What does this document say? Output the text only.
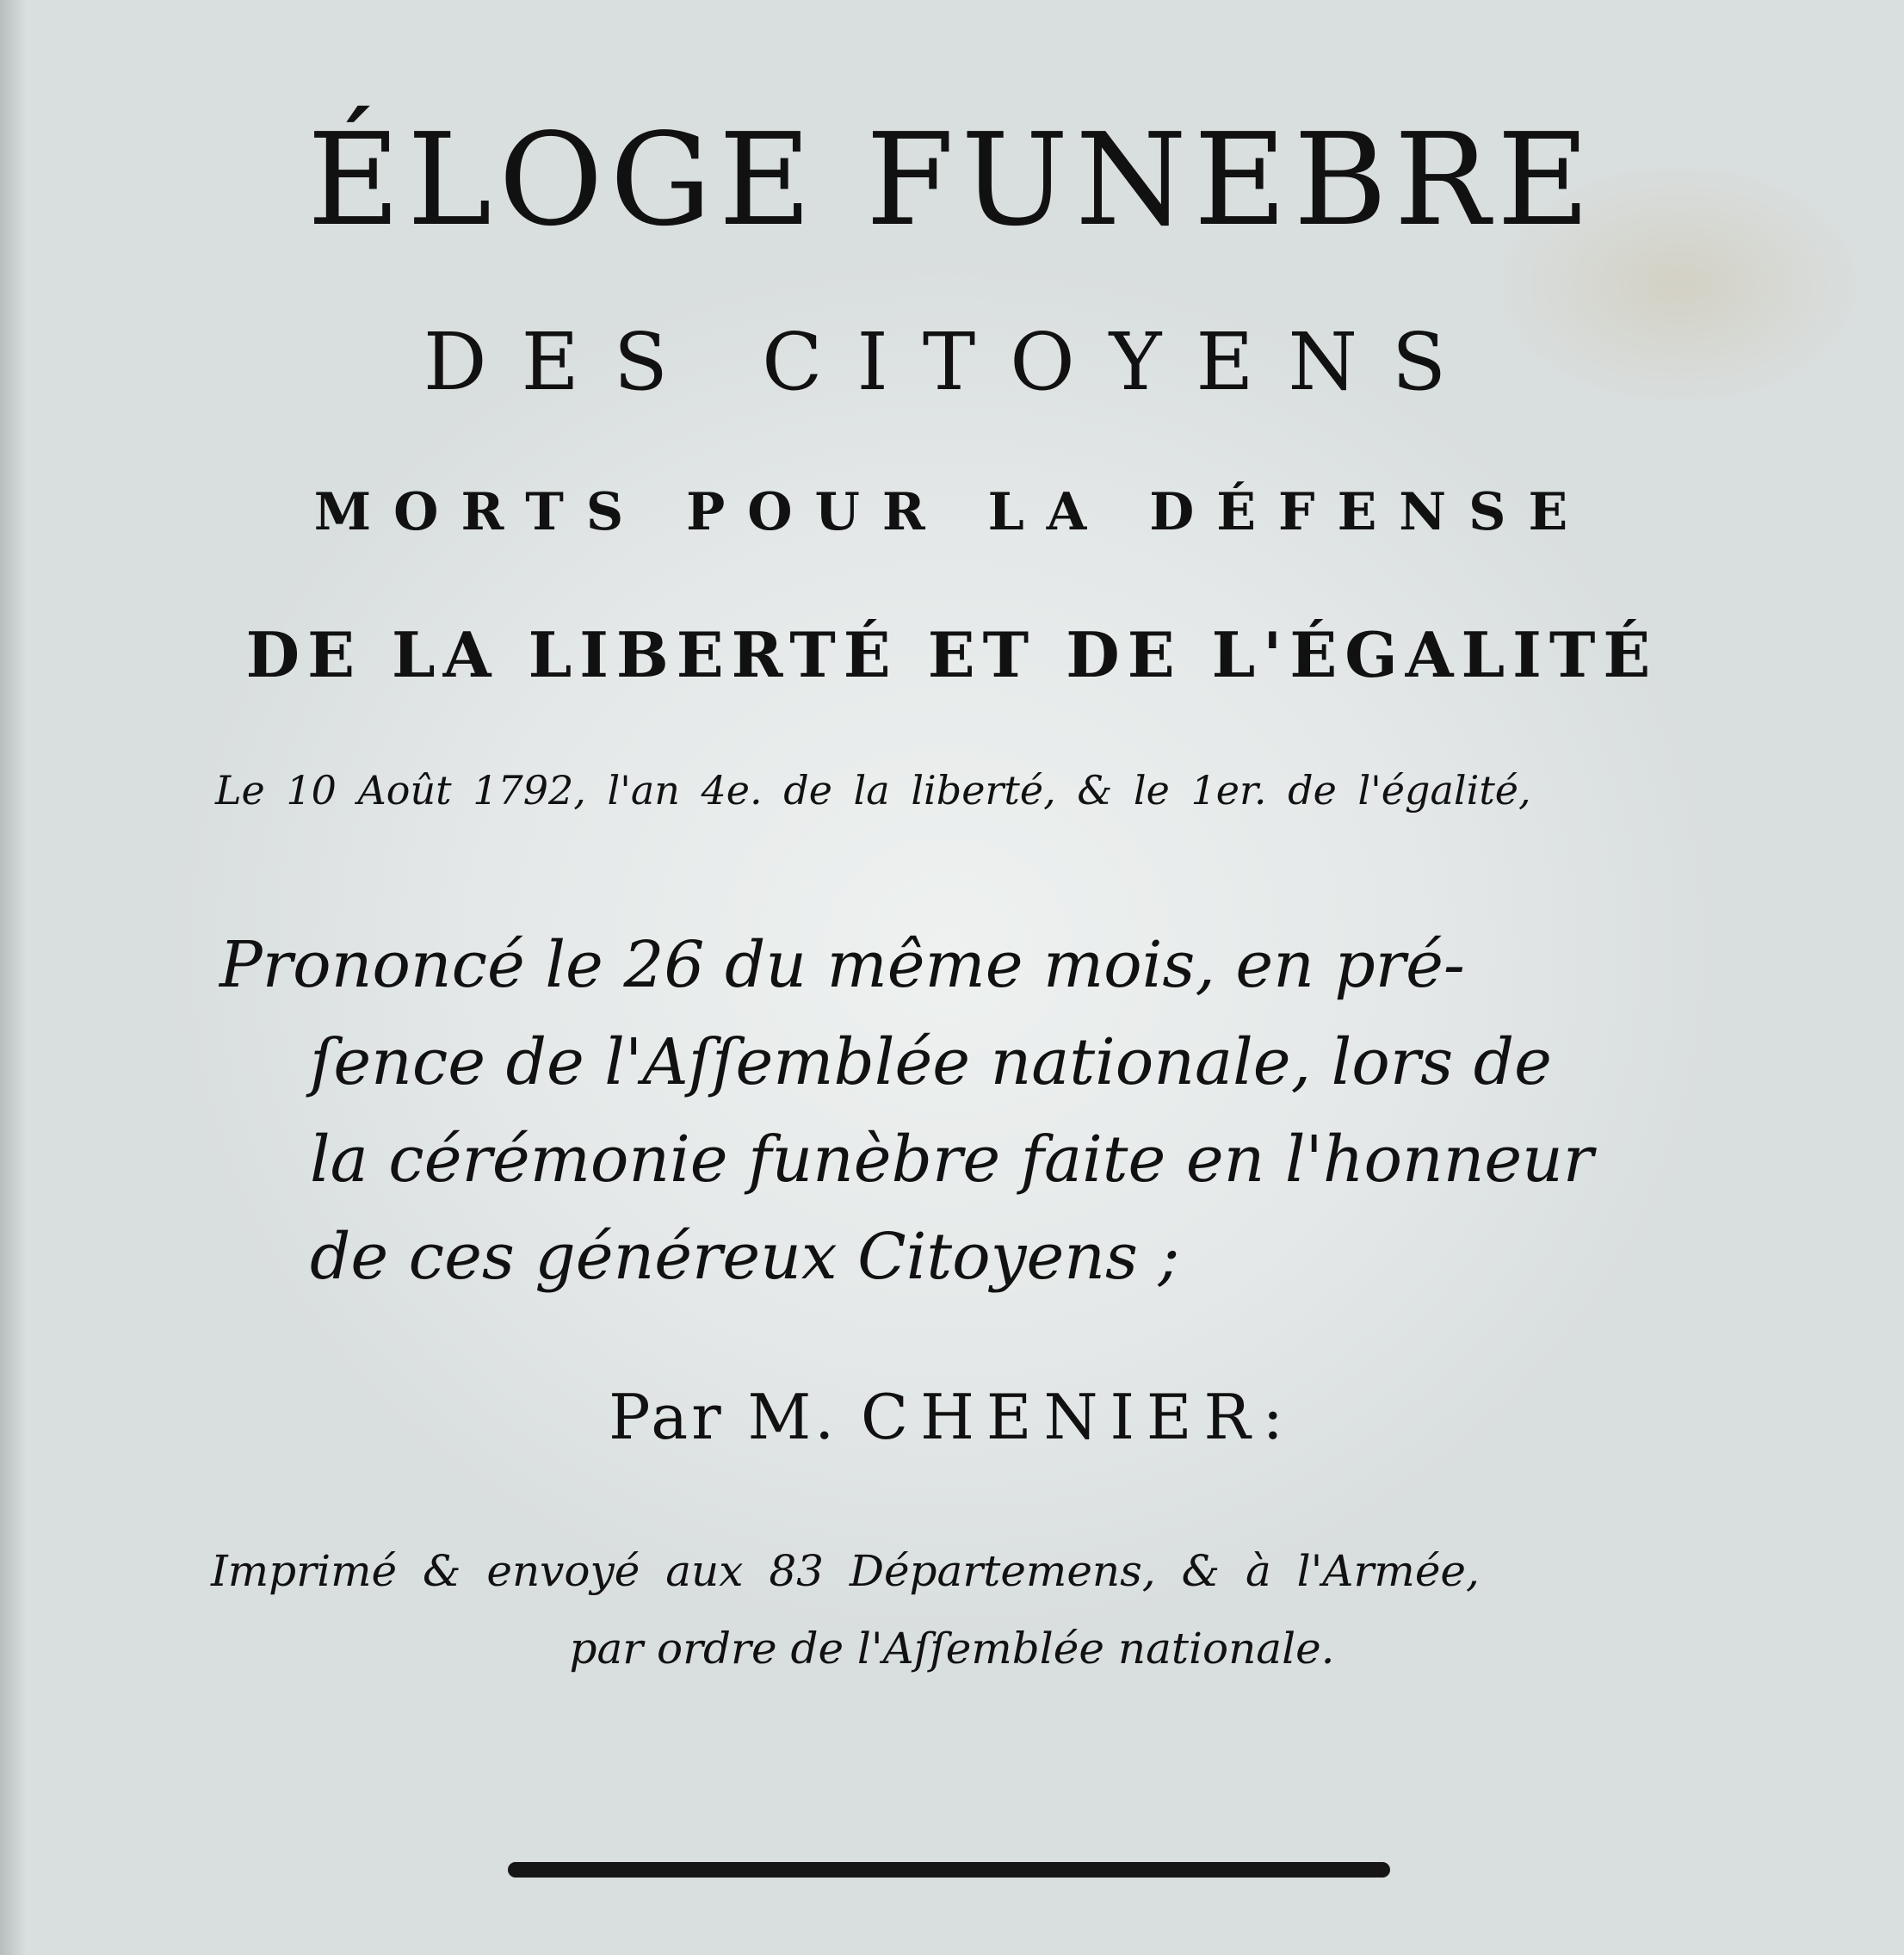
ÉLOGE FUNEBRE
DES CITOYENS
MORTS POUR LA DÉFENSE
DE LA LIBERTÉ ET DE L'ÉGALITÉ
Le 10 Août 1792, l'an 4e. de la liberté, & le 1er. de l'égalité,
Prononcé le 26 du même mois, en pré-
ſence de l'Aſſemblée nationale, lors de
la cérémonie funèbre faite en l'honneur
de ces généreux Citoyens ;
Par M. CHENIER:
Imprimé & envoyé aux 83 Départemens, & à l'Armée,
par ordre de l'Aſſemblée nationale.
